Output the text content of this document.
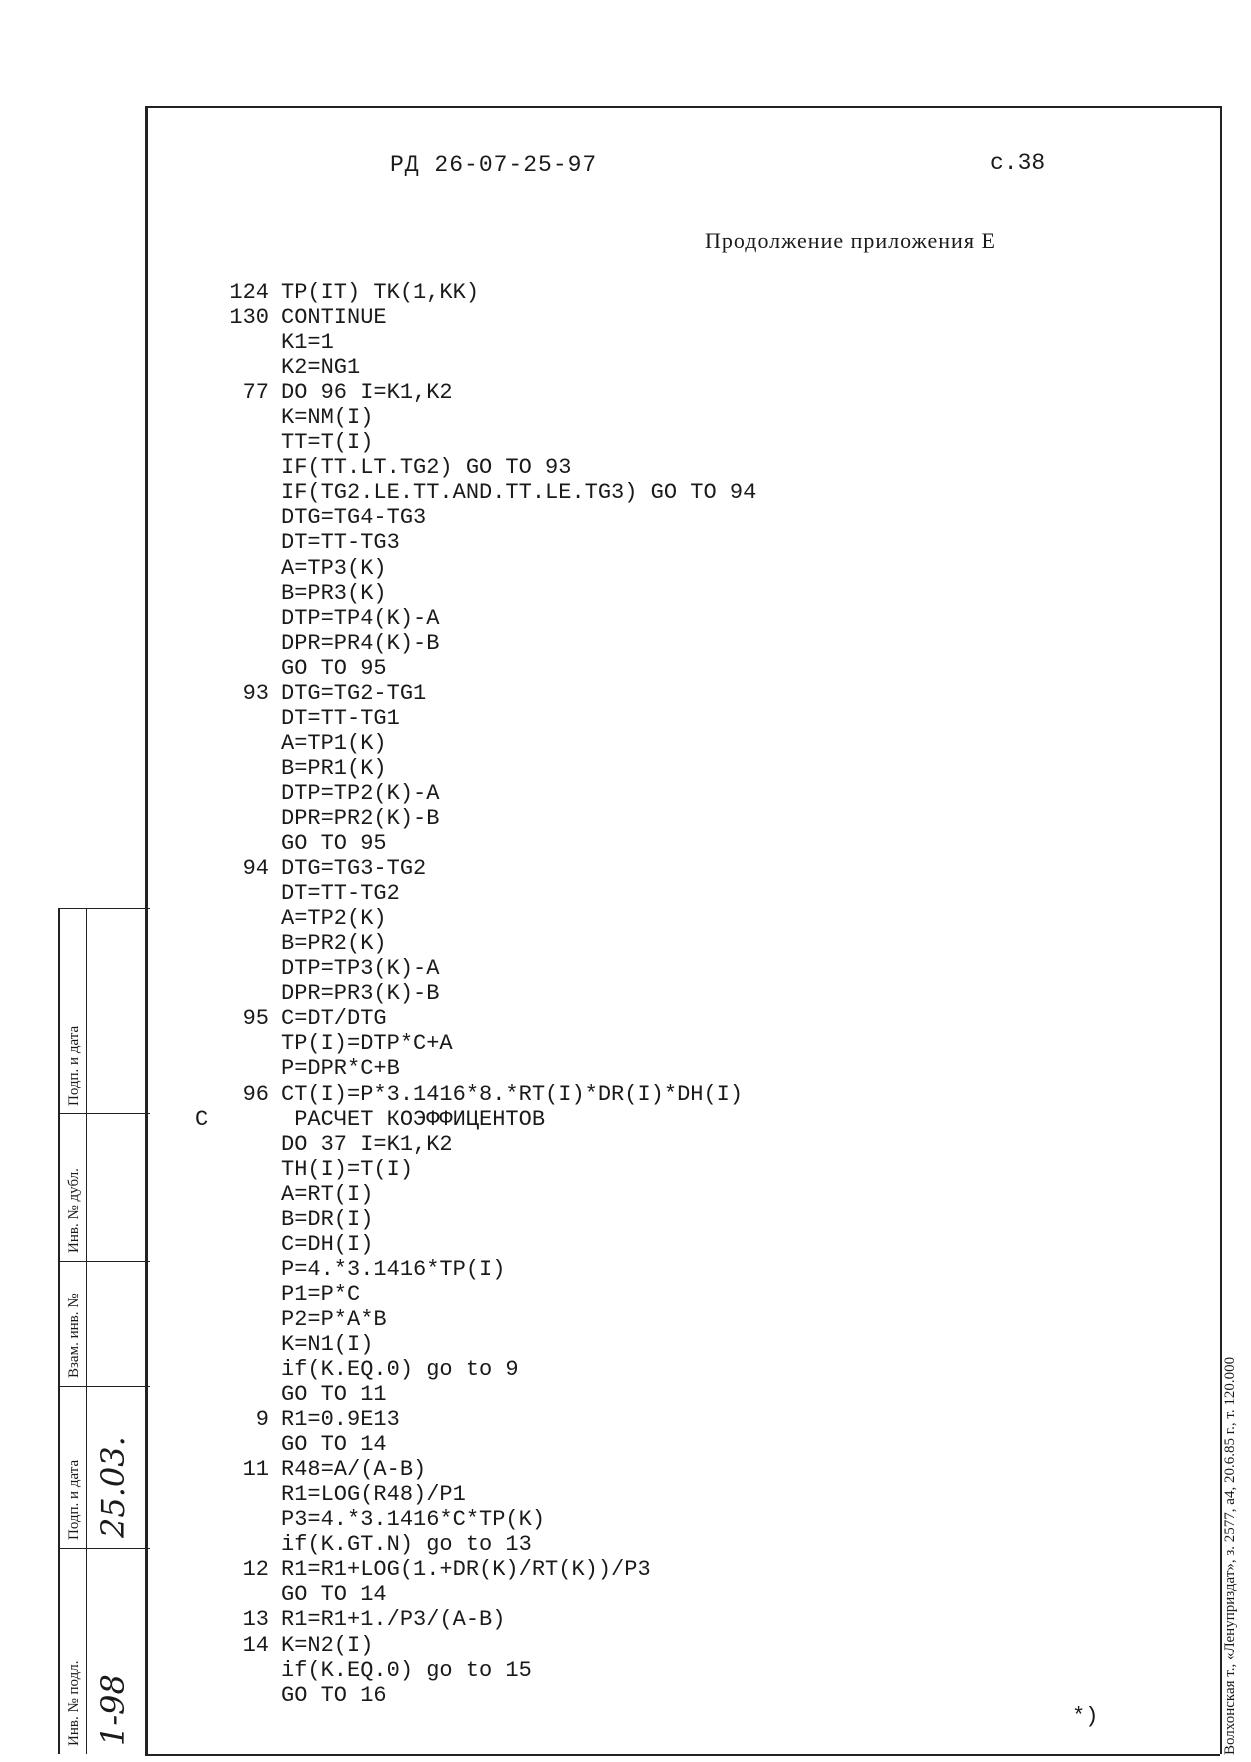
РД 26-07-25-97	с.38
Продолжение приложения Е
124 TP(IT) TK(1,KK)
130 CONTINUE
K1=1
K2=NG1
77 DO 96 I=K1,K2
K=NM(I)
TT=T(I)
IF(TT.LT.TG2) GO TO 93
IF(TG2.LE.TT.AND.TT.LE.TG3) GO TO 94
DTG=TG4-TG3
DT=TT-TG3
A=TP3(K)
B=PR3(K)
DTP=TP4(K)-A
DPR=PR4(K)-B
GO TO 95
93 DTG=TG2-TG1
DT=TT-TG1
A=TP1(K)
B=PR1(K)
DTP=TP2(K)-A
DPR=PR2(K)-B
GO TO 95
94 DTG=TG3-TG2
DT=TT-TG2
A=TP2(K)
B=PR2(K)
DTP=TP3(K)-A
DPR=PR3(K)-B
95 C=DT/DTG
TP(I)=DTP*C+A
P=DPR*C+B
96 CT(I)=P*3.1416*8.*RT(I)*DR(I)*DH(I)
C	РАСЧЕТ КОЭФФИЦЕНТОВ
DO 37 I=K1,K2
TH(I)=T(I)
A=RT(I)
B=DR(I)
C=DH(I)
P=4.*3.1416*TP(I)
P1=P*C
P2=P*A*B
K=N1(I)
if(K.EQ.0) go to 9
GO TO 11
9 R1=0.9E13
GO TO 14
11 R48=A/(A-B)
R1=LOG(R48)/P1
P3=4.*3.1416*C*TP(K)
if(K.GT.N) go to 13
12 R1=R1+LOG(1.+DR(K)/RT(K))/P3
GO TO 14
13 R1=R1+1./P3/(A-B)
14 K=N2(I)
if(K.EQ.0) go to 15
GO TO 16
*)
Инв. № подл.
Подп. и дата
Взам. инв. №
Инв. № дубл.
Подп. и дата
1-98
25.03.	Волхонская т., «Ленуприздат», з. 2577, а4, 20.6.85 г., т. 120.000
